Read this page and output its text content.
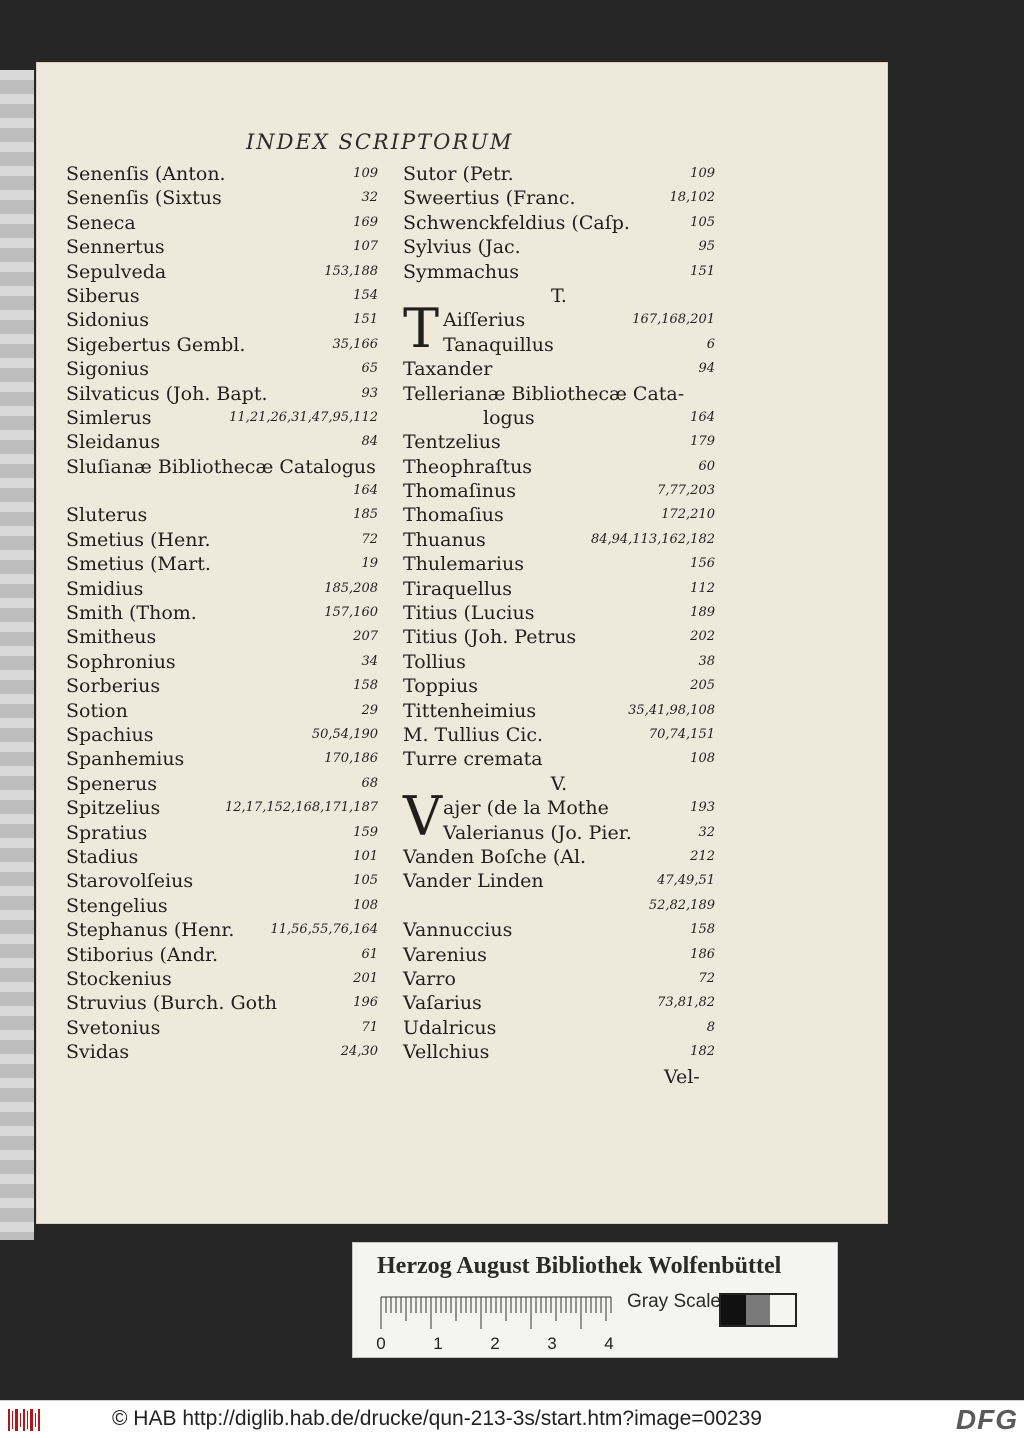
INDEX SCRIPTORUM
Senenſis (Anton.	109
Senenſis (Sixtus	32
Seneca	169
Sennertus	107
Sepulveda	153,188
Siberus	154
Sidonius	151
Sigebertus Gembl.	35,166
Sigonius	65
Silvaticus (Joh. Bapt.	93
Simlerus	11,21,26,31,47,95,112
Sleidanus	84
Sluſianæ Bibliothecæ Catalogus
164
Sluterus	185
Smetius (Henr.	72
Smetius (Mart.	19
Smidius	185,208
Smith (Thom.	157,160
Smitheus	207
Sophronius	34
Sorberius	158
Sotion	29
Spachius	50,54,190
Spanhemius	170,186
Spenerus	68
Spitzelius	12,17,152,168,171,187
Spratius	159
Stadius	101
Starovolſeius	105
Stengelius	108
Stephanus (Henr.	11,56,55,76,164
Stiborius (Andr.	61
Stockenius	201
Struvius (Burch. Goth	196
Svetonius	71
Svidas	24,30
Sutor (Petr.	109
Sweertius (Franc.	18,102
Schwenckfeldius (Caſp.	105
Sylvius (Jac.	95
Symmachus	151
T.
Aiſſerius	167,168,201
T Tanaquillus	6
Taxander	94
Tellerianæ Bibliothecæ Cata-
logus	164
Tentzelius	179
Theophraſtus	60
Thomaſinus	7,77,203
Thomaſius	172,210
Thuanus	84,94,113,162,182
Thulemarius	156
Tiraquellus	112
Titius (Lucius	189
Titius (Joh. Petrus	202
Tollius	38
Toppius	205
Tittenheimius	35,41,98,108
M. Tullius Cic.	70,74,151
Turre cremata	108
V.
ajer (de la Mothe	193
V Valerianus (Jo. Pier.	32
Vanden Boſche (Al.	212
Vander Linden	47,49,51
52,82,189
Vannuccius	158
Varenius	186
Varro	72
Vaſarius	73,81,82
Udalricus	8
Vellchius	182
Vel-
Herzog August Bibliothek Wolfenbüttel
0	1	2	3	4
Gray Scale
© HAB http://diglib.hab.de/drucke/qun-213-3s/start.htm?image=00239	DFG
